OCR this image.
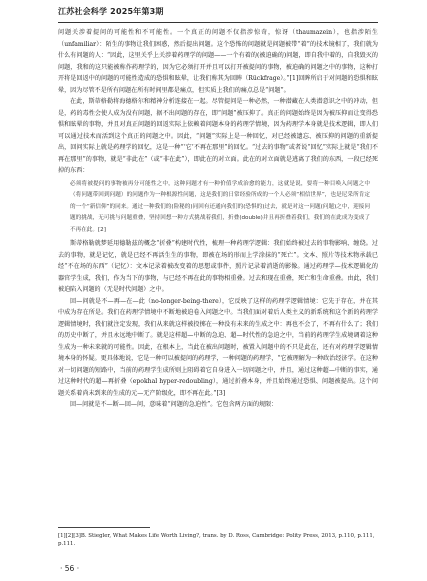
江苏社会科学 2025年第3期

问题关涉着提问的可能性和不可能性。一个真正的问题不仅指涉惊奇，惊讶（thaumazein），也指涉陌生（unfamiliar）：陌生的事物让我们困惑，然后提出问题。这个恐怖的问题就是问题被带“着”的技术镜相了，我们就为什么有问题的人：“因此，这里关乎上关涉着药理学的问题——一个有着的(被迫确的)问题，即自我中着的，自我毁灭的问题，我和的这只能被称作药理学的，因为它必须打开并且可以打开被提问的事物，被迫确的问题之中的事物，这种打开将是回返中的问题的可能性造成的恐惧和眩晕，让我们称其为回眸（Rückfrage）。”[1]回眸所启于对问题的恐惧和眩晕，因为尽管不是所有问题在所有时间里都是痛点，但实质上我们的痛点总是“问题”。

在此，斯蒂格勒将海德格尔和精神分析连接在一起。尽管提问是一种必然，一种潜藏在人类潜意识之中的冲动，但是，药的毒性会使人成为没有问题，据不出问题的存在，即“问题”被压抑了。真正的问题始终是因为被压抑而让变得恐惧和眩晕的事物，并且对真正问题的回返实际上依赖着问题本身的药理学情境，因为药理学本身就是技术逻辑，即人们可以通过技术而活到这个真正的问题之中。因此，“问题”实际上是一种回忆，对已经被遗忘、被压抑的问题的重新提出，回问实际上就是药理学的回忆，这是一种“‘它’不再在那里”的回忆。“过去的事物”或者说“回忆”实际上就是“我们不再在那里”的事物，就是“非此在”（或“非在此”），即此在的对立面。此在的对立面就是逃离了我们的东西，一段已经死掉的东西：

必须将被提问的事物被再分可能性之中，这种问题才有一种价值学成治愈的能力，这就是说，要将一种目唤入问题之中（将问题带回到问题）的问题作为一种根源性问题，这是我们的日常经验所成的一个人必须“相信世界”，也是尼采所肯定的一个“新信仰”的同来。通过一种我们的(险秘的)同回有还通向我们的(恐惧的)过去，就是对这一问题(问题)之中，迎接问题的挑战，无可挑与问题重叠，坚持回想一种方式挑战着我们，折叠(double)并且再折叠着我们，我们的在此成为变成了不再在此。[2]

斯蒂格勒就梦延用德勒兹的概念“折叠”构建时代性，梳理一种药理学逻辑：我们始终被过去的事物影响、缠绕。过去的事物，就是记忆，就是已经不再活生生的事物，即被在场的形而上学涂抹的“死亡”。文本、照片等技术物承载已经“不在场的东西”（记忆）：文本记录着被改变着的思想或事件，照片记录着消逝的影像。通过药理学—技术逻辑化的器官学生成，我们，作为当下的事物，与已经不再在此的事物相重叠。过去和现在重叠，死亡和生命重叠。由此，我们被迫陷入问题的（无是时代问题）之中。

回—问就是不—再—在—此（no-longer-being-there），它反映了这样的药理学逻辑情境：它先于存在，并在其中成为存在所是。我们在药理学情境中不断地被迫卷入问题之中。当我们面对着后人类主义的新系统和这个新的药理学逻辑情境时，我们就注定发现，我们从来就这样被投掷在一种没有未来的生成之中：再也不会了，不再有什么了；我们的历史中断了，并且永远地中断了。就是这样超—中断的急迫、超—时代性的急迫之中，当前的药理学生成境调着这种生成为一种未来就的可能性。因此，在根本上，当此在被出问题时，被置入问题中的不只是此在，还有对药理学逻辑情境本身的怀疑。更具体地说，它是一种可以被提问的药理学，一种问题的药理学，“它被理解为一种政治经济学。在这种对一切问题的短路中，当前的药理学生成所则上阻碍着它自身进入一切问题之中，并且，通过这种超—中断的事实，通过这种时代的超—再折叠（epokhal hyper-redoubling），通过折叠本身，并且始终通过恐惧、问题被提出。这个问题关系着尚未到来的生成的元—无产阶级化，即不再在此。”[3]

回—问就是不—断—回—问，意味着“问题的急迫性”。它包含两方面的规限：

[1][2][3]B. Stiegler, What Makes Life Worth Living?, trans. by D. Ross, Cambridge: Polity Press, 2013, p.110, p.111, p.111.
· 56 ·
